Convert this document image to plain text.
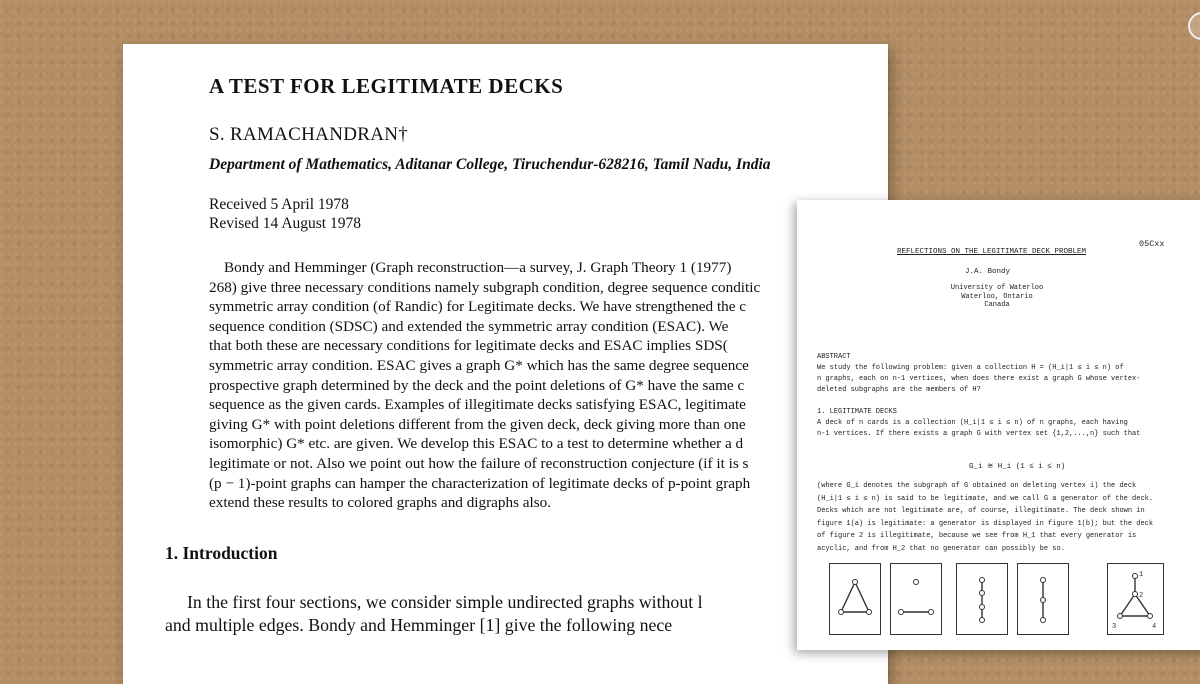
A TEST FOR LEGITIMATE DECKS
S. RAMACHANDRAN†
Department of Mathematics, Aditanar College, Tiruchendur-628216, Tamil Nadu, India
Received 5 April 1978
Revised 14 August 1978
Bondy and Hemminger (Graph reconstruction—a survey, J. Graph Theory 1 (1977)
268) give three necessary conditions namely subgraph condition, degree sequence conditic
symmetric array condition (of Randic) for Legitimate decks. We have strengthened the c
sequence condition (SDSC) and extended the symmetric array condition (ESAC). We
that both these are necessary conditions for legitimate decks and ESAC implies SDS(
symmetric array condition. ESAC gives a graph G* which has the same degree sequence
prospective graph determined by the deck and the point deletions of G* have the same c
sequence as the given cards. Examples of illegitimate decks satisfying ESAC, legitimate
giving G* with point deletions different from the given deck, deck giving more than one
isomorphic) G* etc. are given. We develop this ESAC to a test to determine whether a d
legitimate or not. Also we point out how the failure of reconstruction conjecture (if it is s
(p − 1)-point graphs can hamper the characterization of legitimate decks of p-point graph
extend these results to colored graphs and digraphs also.
1. Introduction
In the first four sections, we consider simple undirected graphs without l
and multiple edges. Bondy and Hemminger [1] give the following nece
05Cxx
REFLECTIONS ON THE LEGITIMATE DECK PROBLEM
J.A. Bondy
University of Waterloo
Waterloo, Ontario
Canada
ABSTRACT
We study the following problem: given a collection H = (H_i|1 ≤ i ≤ n) of
n graphs, each on n-1 vertices, when does there exist a graph G whose vertex-
deleted subgraphs are the members of H?
1. LEGITIMATE DECKS
A deck of n cards is a collection (H_i|1 ≤ i ≤ n) of n graphs, each having
n-1 vertices. If there exists a graph G with vertex set {1,2,...,n} such that
G_i ≅ H_i (1 ≤ i ≤ n)
(where G_i denotes the subgraph of G obtained on deleting vertex i) the deck
(H_i|1 ≤ i ≤ n) is said to be legitimate, and we call G a generator of the deck.
Decks which are not legitimate are, of course, illegitimate. The deck shown in
figure 1(a) is legitimate: a generator is displayed in figure 1(b); but the deck
of figure 2 is illegitimate, because we see from H_1 that every generator is
acyclic, and from H_2 that no generator can possibly be so.
1
2
3	4
